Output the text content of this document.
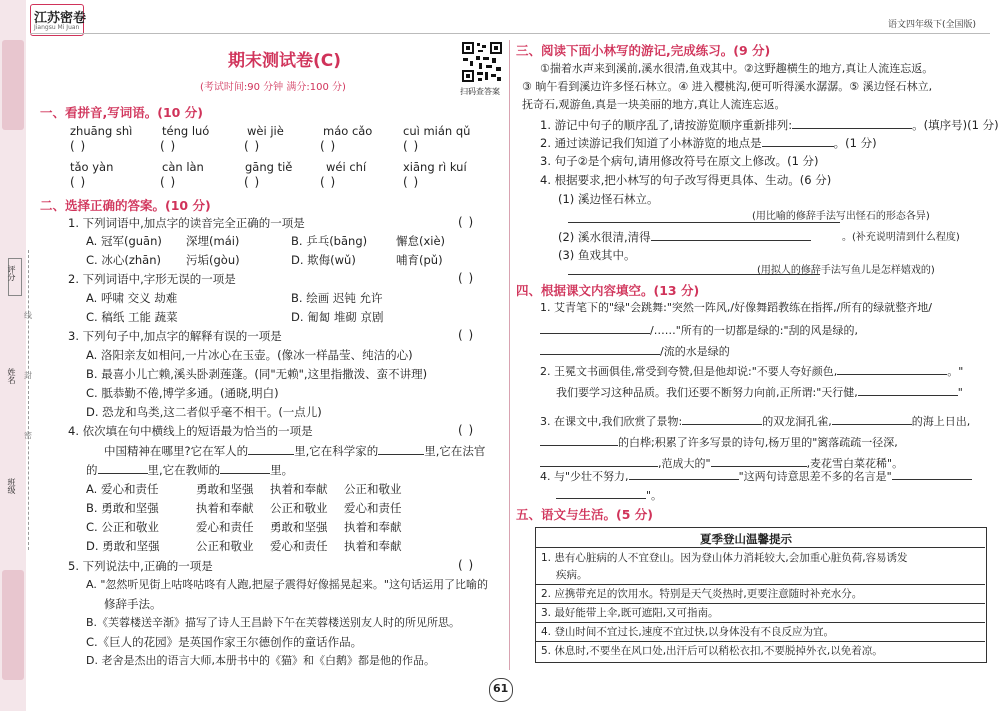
评分
姓名
班级
线
封
密
江苏密卷
Jiangsu Mi Juan	语文四年级下(全国版)
期末测试卷(C)
(考试时间:90 分钟 满分:100 分)	扫码查答案
一、看拼音,写词语。(10 分)
zhuāng shì	téng luó	wèi jiè	máo cǎo	cuì mián qǔ
( )	( )	( )	( )	( )
tǎo yàn	càn làn	gāng tiě	wéi chí	xiāng rì kuí
( )	( )	( )	( )	( )
二、选择正确的答案。(10 分)
1. 下列词语中,加点字的读音完全正确的一项是	( )
A. 冠军(guān) 深埋(mái)	B. 乒乓(bāng)	懈怠(xiè)
C. 冰心(zhān) 污垢(gòu)	D. 欺侮(wǔ)	哺育(pǔ)
2. 下列词语中,字形无误的一项是	( )
A. 呼啸 交义 劫难	B. 绘画 迟钝 允许
C. 稿纸 工能 蔬菜	D. 匍匐 堆砌 京剧
3. 下列句子中,加点字的解释有误的一项是	( )
A. 洛阳亲友如相问,一片冰心在玉壶。(像冰一样晶莹、纯洁的心)
B. 最喜小儿亡赖,溪头卧剥莲蓬。(同"无赖",这里指撒泼、蛮不讲理)
C. 胝恭勤不倦,博学多通。(通晓,明白)
D. 恐龙和鸟类,这二者似乎毫不相干。(一点儿)
4. 依次填在句中横线上的短语最为恰当的一项是	( )
中国精神在哪里?它在军人的	里,它在科学家的	里,它在法官
的	里,它在教师的	里。
A. 爱心和责任	勇敢和坚强 执着和奉献 公正和敬业
B. 勇敢和坚强	执着和奉献 公正和敬业 爱心和责任
C. 公正和敬业	爱心和责任 勇敢和坚强 执着和奉献
D. 勇敢和坚强	公正和敬业 爱心和责任 执着和奉献
5. 下列说法中,正确的一项是	( )
A. "忽然听见街上咕咚咕咚有人跑,把屋子震得好像摇晃起来。"这句话运用了比喻的
修辞手法。
B.《芙蓉楼送辛渐》描写了诗人王昌龄下午在芙蓉楼送别友人时的所见所思。
C.《巨人的花园》是英国作家王尔德创作的童话作品。
D. 老舍是杰出的语言大师,本册书中的《猫》和《白鹅》都是他的作品。
三、阅读下面小林写的游记,完成练习。(9 分)
①揣着水声来到溪前,溪水很清,鱼戏其中。②这野趣横生的地方,真让人流连忘返。
③ 晌午看到溪边许多怪石林立。④ 进入樱桃沟,便可听得溪水潺潺。⑤ 溪边怪石林立,
抚奇石,观游鱼,真是一块美丽的地方,真让人流连忘返。
1. 游记中句子的顺序乱了,请按游览顺序重新排列:	。(填序号)(1 分)
2. 通过读游记我们知道了小林游览的地点是	。(1 分)
3. 句子②是个病句,请用修改符号在原文上修改。(1 分)
4. 根据要求,把小林写的句子改写得更具体、生动。(6 分)
(1) 溪边怪石林立。
(用比喻的修辞手法写出怪石的形态各异)
(2) 溪水很清,清得	。(补充说明清到什么程度)
(3) 鱼戏其中。
(用拟人的修辞手法写鱼儿是怎样嬉戏的)
四、根据课文内容填空。(13 分)
1. 艾青笔下的"绿"会跳舞:"突然一阵风,/好像舞蹈教练在指挥,/所有的绿就整齐地/
/……"所有的一切都是绿的:"刮的风是绿的,
/流的水是绿的
2. 王冕文书画俱佳,常受到夸赞,但是他却说:"不要人夸好颜色,	。"
我们要学习这种品质。我们还要不断努力向前,正所谓:"天行健,	"
3. 在课文中,我们欣赏了景物:	的双龙洞孔雀,	的海上日出,
的白桦;积累了许多写景的诗句,杨万里的"篱落疏疏一径深,
,范成大的"	,麦花雪白菜花稀"。
4. 与"少壮不努力,	"这两句诗意思差不多的名言是"
"。
五、语文与生活。(5 分)
夏季登山温馨提示
1. 患有心脏病的人不宜登山。因为登山体力消耗较大,会加重心脏负荷,容易诱发
疾病。
2. 应携带充足的饮用水。特别是天气炎热时,更要注意随时补充水分。
3. 最好能带上伞,既可遮阳,又可指南。
4. 登山时间不宜过长,速度不宜过快,以身体没有不良反应为宜。
5. 休息时,不要坐在风口处,出汗后可以稍松衣扣,不要脱掉外衣,以免着凉。
61
